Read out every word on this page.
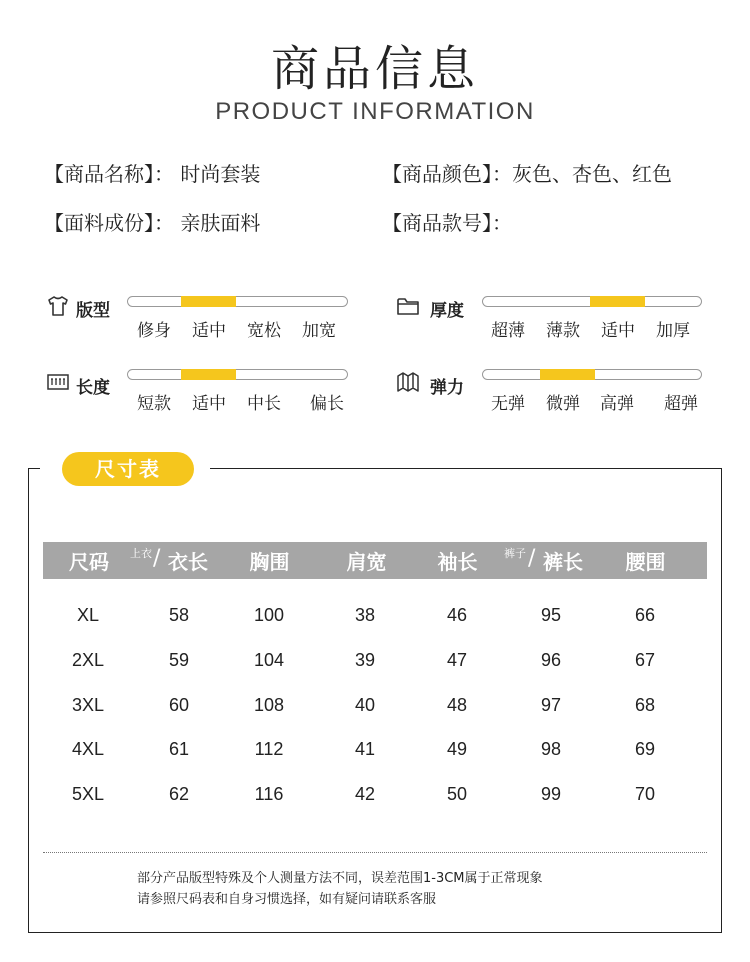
商品信息
PRODUCT INFORMATION
【商品名称】： 时尚套装	【商品颜色】：灰色、杏色、红色
【面料成份】： 亲肤面料	【商品款号】：
版型
修身	适中	宽松	加宽
厚度
超薄	薄款	适中	加厚
长度
短款	适中	中长	偏长
弹力
无弹	微弹	高弹	超弹
尺寸表
尺码	上衣 / 衣长	胸围	肩宽	袖长	裤子 / 裤长	腰围
XL	58	100	38	46	95	66
2XL	59	104	39	47	96	67
3XL	60	108	40	48	97	68
4XL	61	112	41	49	98	69
5XL	62	116	42	50	99	70
部分产品版型特殊及个人测量方法不同，误差范围1-3CM属于正常现象
请参照尺码表和自身习惯选择，如有疑问请联系客服
